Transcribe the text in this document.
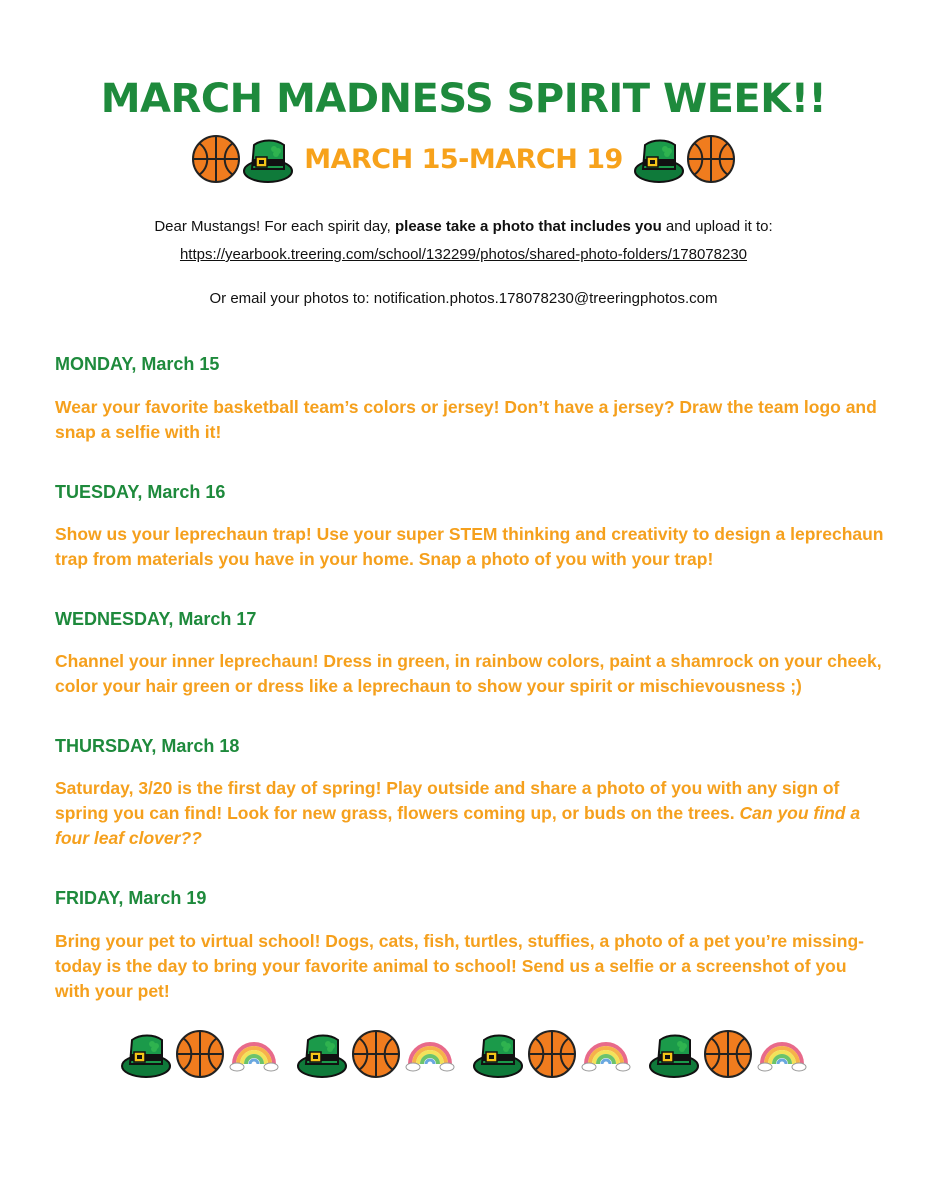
MARCH MADNESS SPIRIT WEEK!!
MARCH 15-MARCH 19
Dear Mustangs! For each spirit day, please take a photo that includes you and upload it to:
https://yearbook.treering.com/school/132299/photos/shared-photo-folders/178078230
Or email your photos to: notification.photos.178078230@treeringphotos.com
MONDAY, March 15
Wear your favorite basketball team’s colors or jersey! Don’t have a jersey? Draw the team logo and snap a selfie with it!
TUESDAY, March 16
Show us your leprechaun trap! Use your super STEM thinking and creativity to design a leprechaun trap from materials you have in your home. Snap a photo of you with your trap!
WEDNESDAY, March 17
Channel your inner leprechaun! Dress in green, in rainbow colors, paint a shamrock on your cheek, color your hair green or dress like a leprechaun to show your spirit or mischievousness ;)
THURSDAY, March 18
Saturday, 3/20 is the first day of spring! Play outside and share a photo of you with any sign of spring you can find! Look for new grass, flowers coming up, or buds on the trees. Can you find a four leaf clover??
FRIDAY, March 19
Bring your pet to virtual school! Dogs, cats, fish, turtles, stuffies, a photo of a pet you’re missing- today is the day to bring your favorite animal to school! Send us a selfie or a screenshot of you with your pet!
